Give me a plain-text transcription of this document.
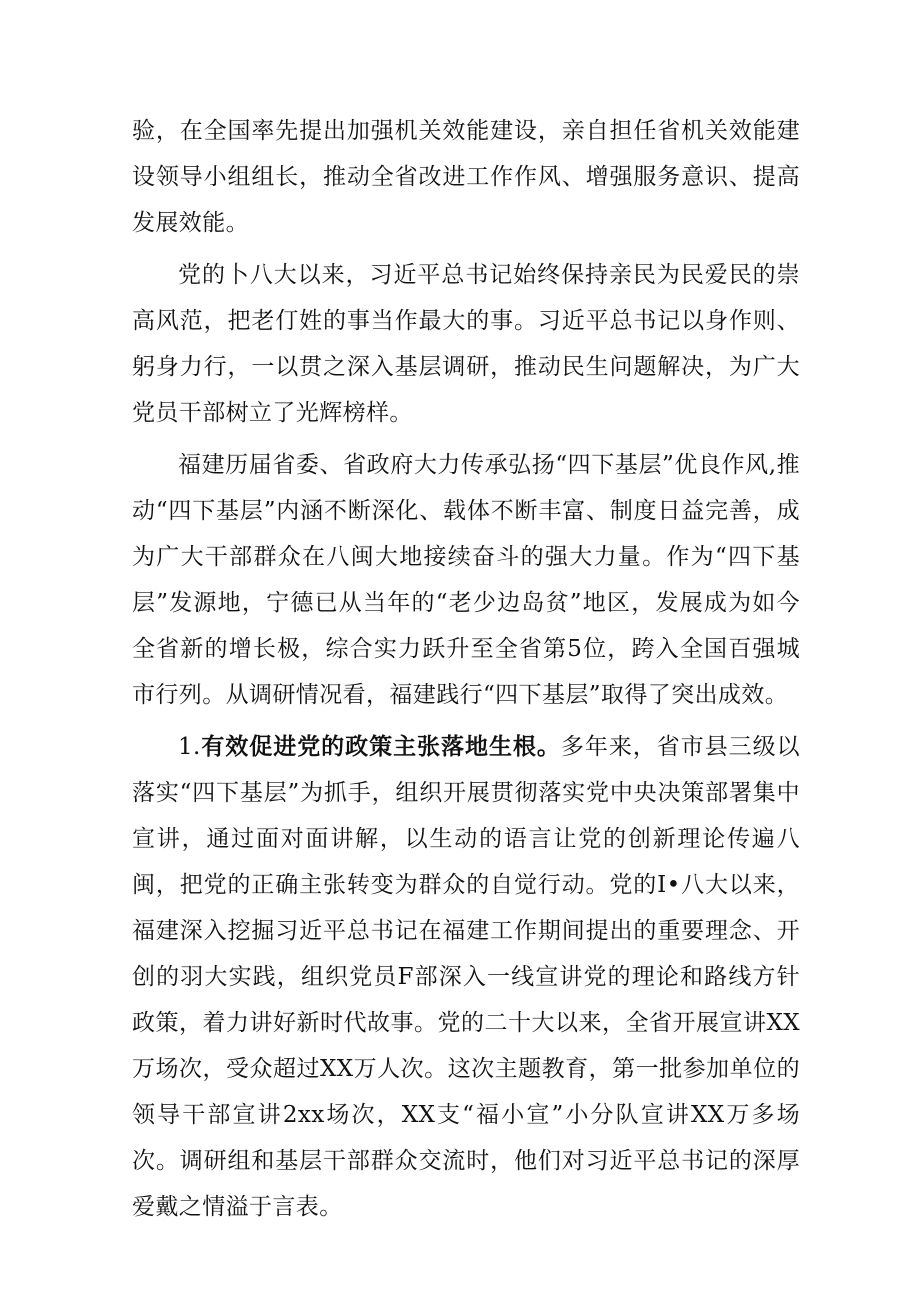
验，在全国率先提出加强机关效能建设，亲自担任省机关效能建设领导小组组长，推动全省改进工作作风、增强服务意识、提高发展效能。

党的卜八大以来，习近平总书记始终保持亲民为民爱民的崇高风范，把老仃姓的事当作最大的事。习近平总书记以身作则、躬身力行，一以贯之深入基层调研，推动民生问题解决，为广大党员干部树立了光辉榜样。

福建历届省委、省政府大力传承弘扬“四下基层”优良作风,推动“四下基层”内涵不断深化、载体不断丰富、制度日益完善，成为广大干部群众在八闽大地接续奋斗的强大力量。作为“四下基层”发源地，宁德已从当年的“老少边岛贫”地区，发展成为如今全省新的增长极，综合实力跃升至全省第5位，跨入全国百强城市行列。从调研情况看，福建践行“四下基层”取得了突出成效。

1.有效促进党的政策主张落地生根。多年来，省市县三级以落实“四下基层”为抓手，组织开展贯彻落实党中央决策部署集中宣讲，通过面对面讲解，以生动的语言让党的创新理论传遍八闽，把党的正确主张转变为群众的自觉行动。党的I•八大以来，福建深入挖掘习近平总书记在福建工作期间提出的重要理念、开创的羽大实践，组织党员F部深入一线宣讲党的理论和路线方针政策，着力讲好新时代故事。党的二十大以来，全省开展宣讲XX万场次，受众超过XX万人次。这次主题教育，第一批参加单位的领导干部宣讲2xx场次，XX支“福小宣”小分队宣讲XX万多场次。调研组和基层干部群众交流时，他们对习近平总书记的深厚爱戴之情溢于言表。
